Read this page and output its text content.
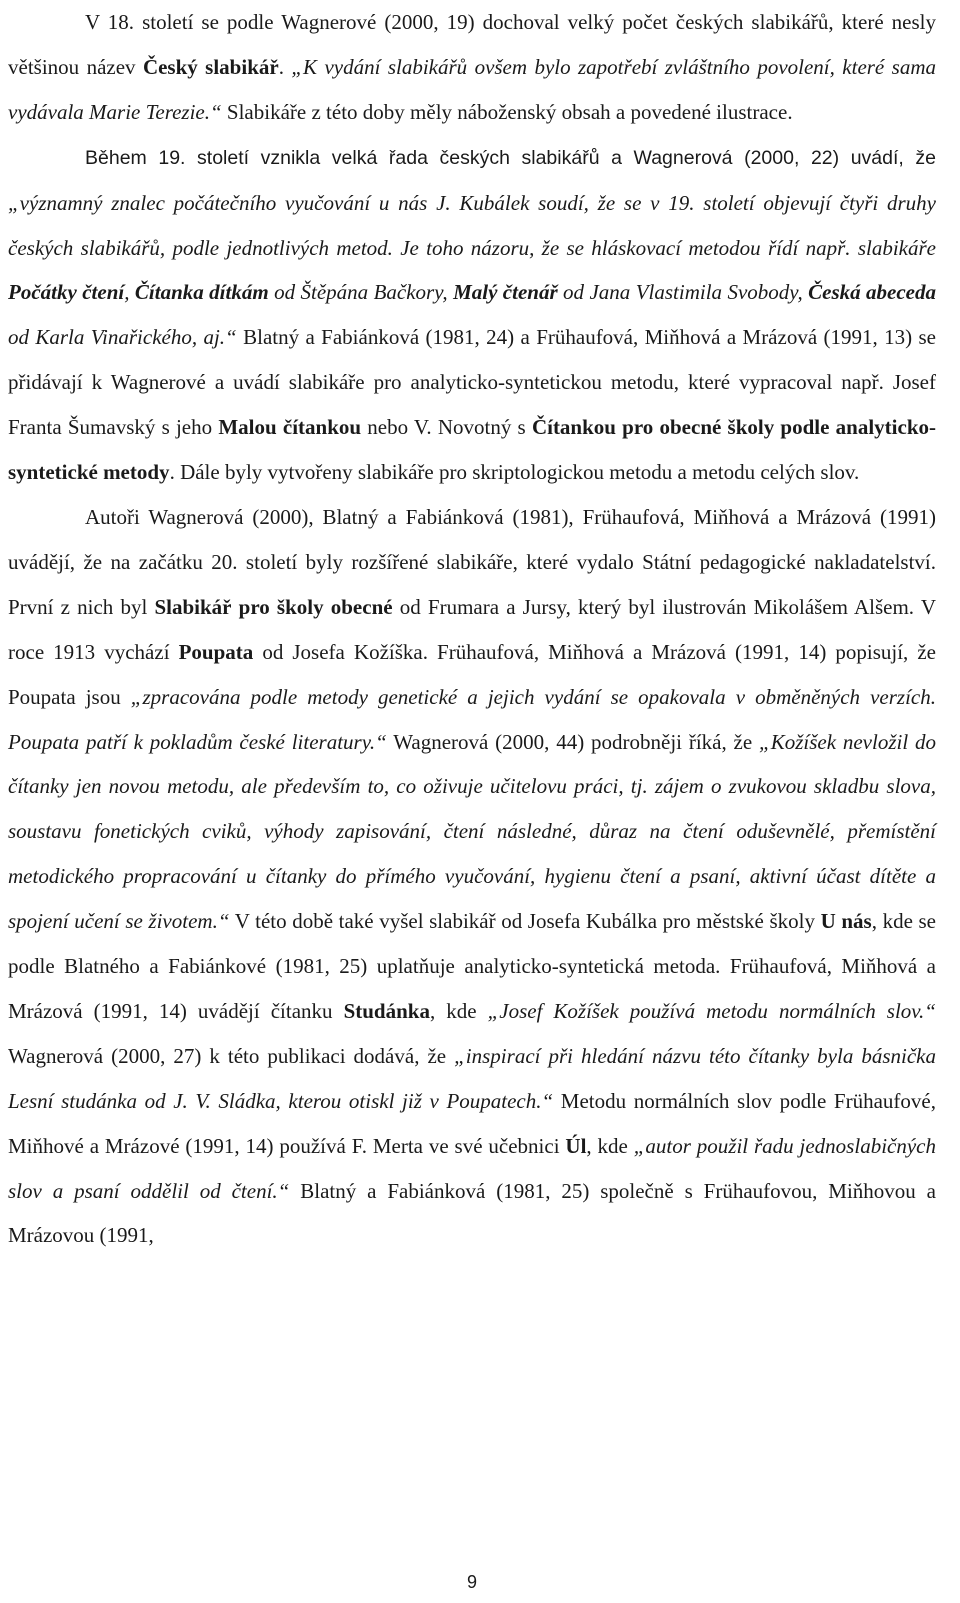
V 18. století se podle Wagnerové (2000, 19) dochoval velký počet českých slabikářů, které nesly většinou název Český slabikář. „K vydání slabikářů ovšem bylo zapotřebí zvláštního povolení, které sama vydávala Marie Terezie.“ Slabikáře z této doby měly náboženský obsah a povedené ilustrace.

Během 19. století vznikla velká řada českých slabikářů a Wagnerová (2000, 22) uvádí, že „významný znalec počátečního vyučování u nás J. Kubálek soudí, že se v 19. století objevují čtyři druhy českých slabikářů, podle jednotlivých metod. Je toho názoru, že se hláskovací metodou řídí např. slabikáře Počátky čtení, Čítanka dítkám od Štěpána Bačkory, Malý čtenář od Jana Vlastimila Svobody, Česká abeceda od Karla Vinařického, aj.“ Blatný a Fabiánková (1981, 24) a Frühaufová, Miňhová a Mrázová (1991, 13) se přidávají k Wagnerové a uvádí slabikáře pro analyticko-syntetickou metodu, které vypracoval např. Josef Franta Šumavský s jeho Malou čítankou nebo V. Novotný s Čítankou pro obecné školy podle analyticko-syntetické metody. Dále byly vytvořeny slabikáře pro skriptologickou metodu a metodu celých slov.

Autoři Wagnerová (2000), Blatný a Fabiánková (1981), Frühaufová, Miňhová a Mrázová (1991) uvádějí, že na začátku 20. století byly rozšířené slabikáře, které vydalo Státní pedagogické nakladatelství. První z nich byl Slabikář pro školy obecné od Frumara a Jursy, který byl ilustrován Mikolášem Alšem. V roce 1913 vychází Poupata od Josefa Kožíška. Frühaufová, Miňhová a Mrázová (1991, 14) popisují, že Poupata jsou „zpracována podle metody genetické a jejich vydání se opakovala v obměněných verzích. Poupata patří k pokladům české literatury.“ Wagnerová (2000, 44) podrobněji říká, že „Kožíšek nevložil do čítanky jen novou metodu, ale především to, co oživuje učitelovu práci, tj. zájem o zvukovou skladbu slova, soustavu fonetických cviků, výhody zapisování, čtení následné, důraz na čtení oduševnělé, přemístění metodického propracování u čítanky do přímého vyučování, hygienu čtení a psaní, aktivní účast dítěte a spojení učení se životem.“ V této době také vyšel slabikář od Josefa Kubálka pro městské školy U nás, kde se podle Blatného a Fabiánkové (1981, 25) uplatňuje analyticko-syntetická metoda. Frühaufová, Miňhová a Mrázová (1991, 14) uvádějí čítanku Studánka, kde „Josef Kožíšek používá metodu normálních slov.“ Wagnerová (2000, 27) k této publikaci dodává, že „inspirací při hledání názvu této čítanky byla básnička Lesní studánka od J. V. Sládka, kterou otiskl již v Poupatech.“ Metodu normálních slov podle Frühaufové, Miňhové a Mrázové (1991, 14) používá F. Merta ve své učebnici Úl, kde „autor použil řadu jednoslabičných slov a psaní oddělil od čtení.“ Blatný a Fabiánková (1981, 25) společně s Frühaufovou, Miňhovou a Mrázovou (1991,

9
